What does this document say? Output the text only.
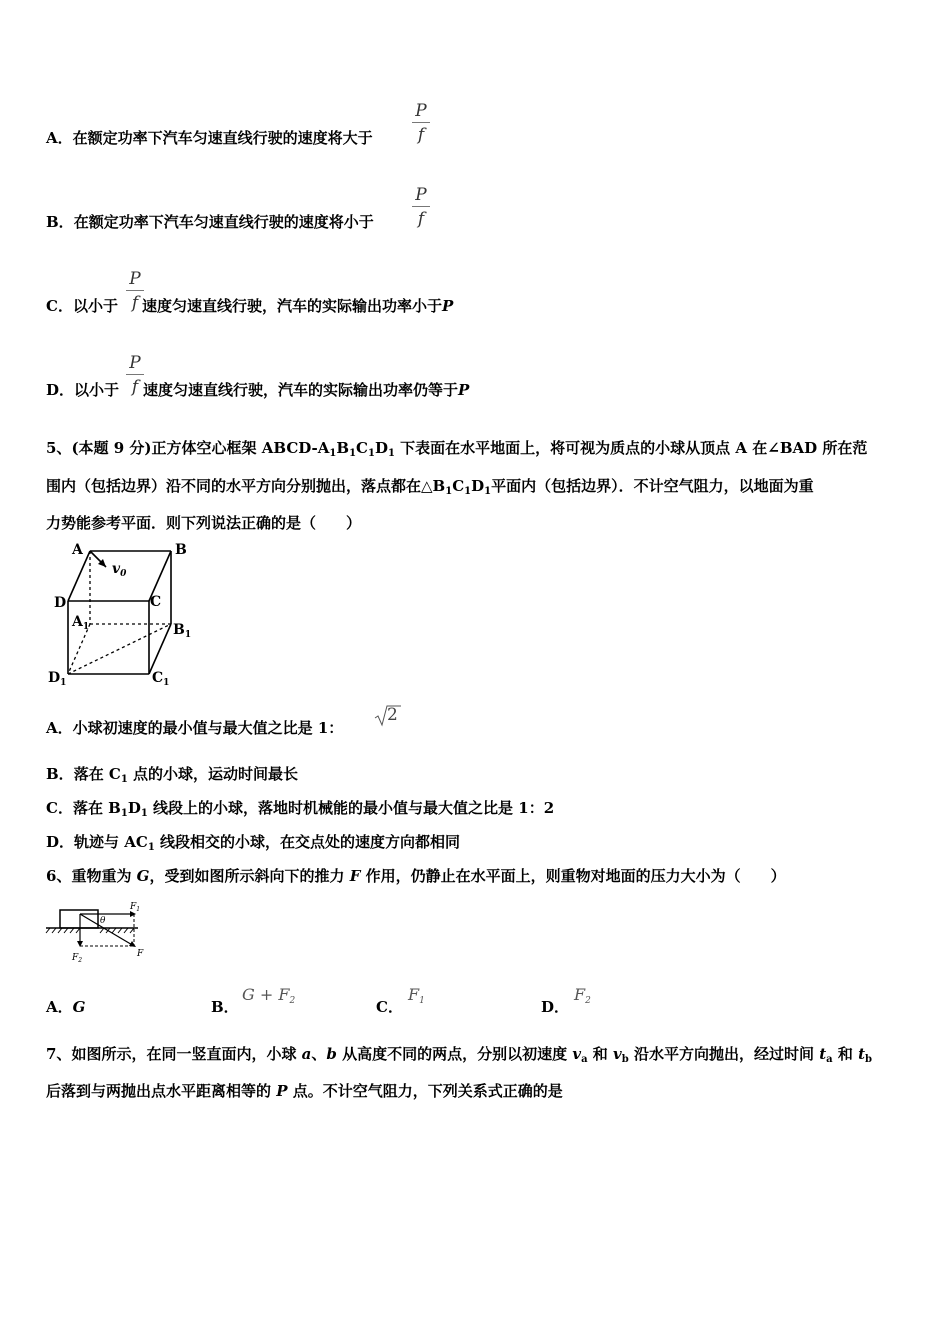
A．在额定功率下汽车匀速直线行驶的速度将大于
P
f
B．在额定功率下汽车匀速直线行驶的速度将小于
P
f
C．以小于 速度匀速直线行驶，汽车的实际输出功率小于P
P
f
D．以小于 速度匀速直线行驶，汽车的实际输出功率仍等于P
P
f
5、(本题 9 分)正方体空心框架 ABCD-$A_1B_1C_1D_1$ 下表面在水平地面上，将可视为质点的小球从顶点 A 在∠BAD 所在范
围内（包括边界）沿不同的水平方向分别抛出，落点都在$\triangle B_1C_1D_1$平面内（包括边界）．不计空气阻力，以地面为重
力势能参考平面．则下列说法正确的是（　　）
A	B
D	C
$A_1$	$B_1$
$C_1$
$D_1$
$v_0$
A．小球初速度的最小值与最大值之比是 1：
2
B．落在 $C_1$ 点的小球，运动时间最长
C．落在 $B_1D_1$ 线段上的小球，落地时机械能的最小值与最大值之比是 1：2
D．轨迹与 $AC_1$ 线段相交的小球，在交点处的速度方向都相同
6、重物重为 G，受到如图所示斜向下的推力 F 作用，仍静止在水平面上，则重物对地面的压力大小为（　　）
$F_1$
$F_2$
F
θ
A．G	B．
$G + F_2$	C．
$F_1$	D．
$F_2$
7、如图所示，在同一竖直面内，小球 a、b 从高度不同的两点，分别以初速度 $v_a$ 和 $v_b$ 沿水平方向抛出，经过时间 $t_a$ 和 $t_b$
后落到与两抛出点水平距离相等的 P 点。不计空气阻力，下列关系式正确的是
